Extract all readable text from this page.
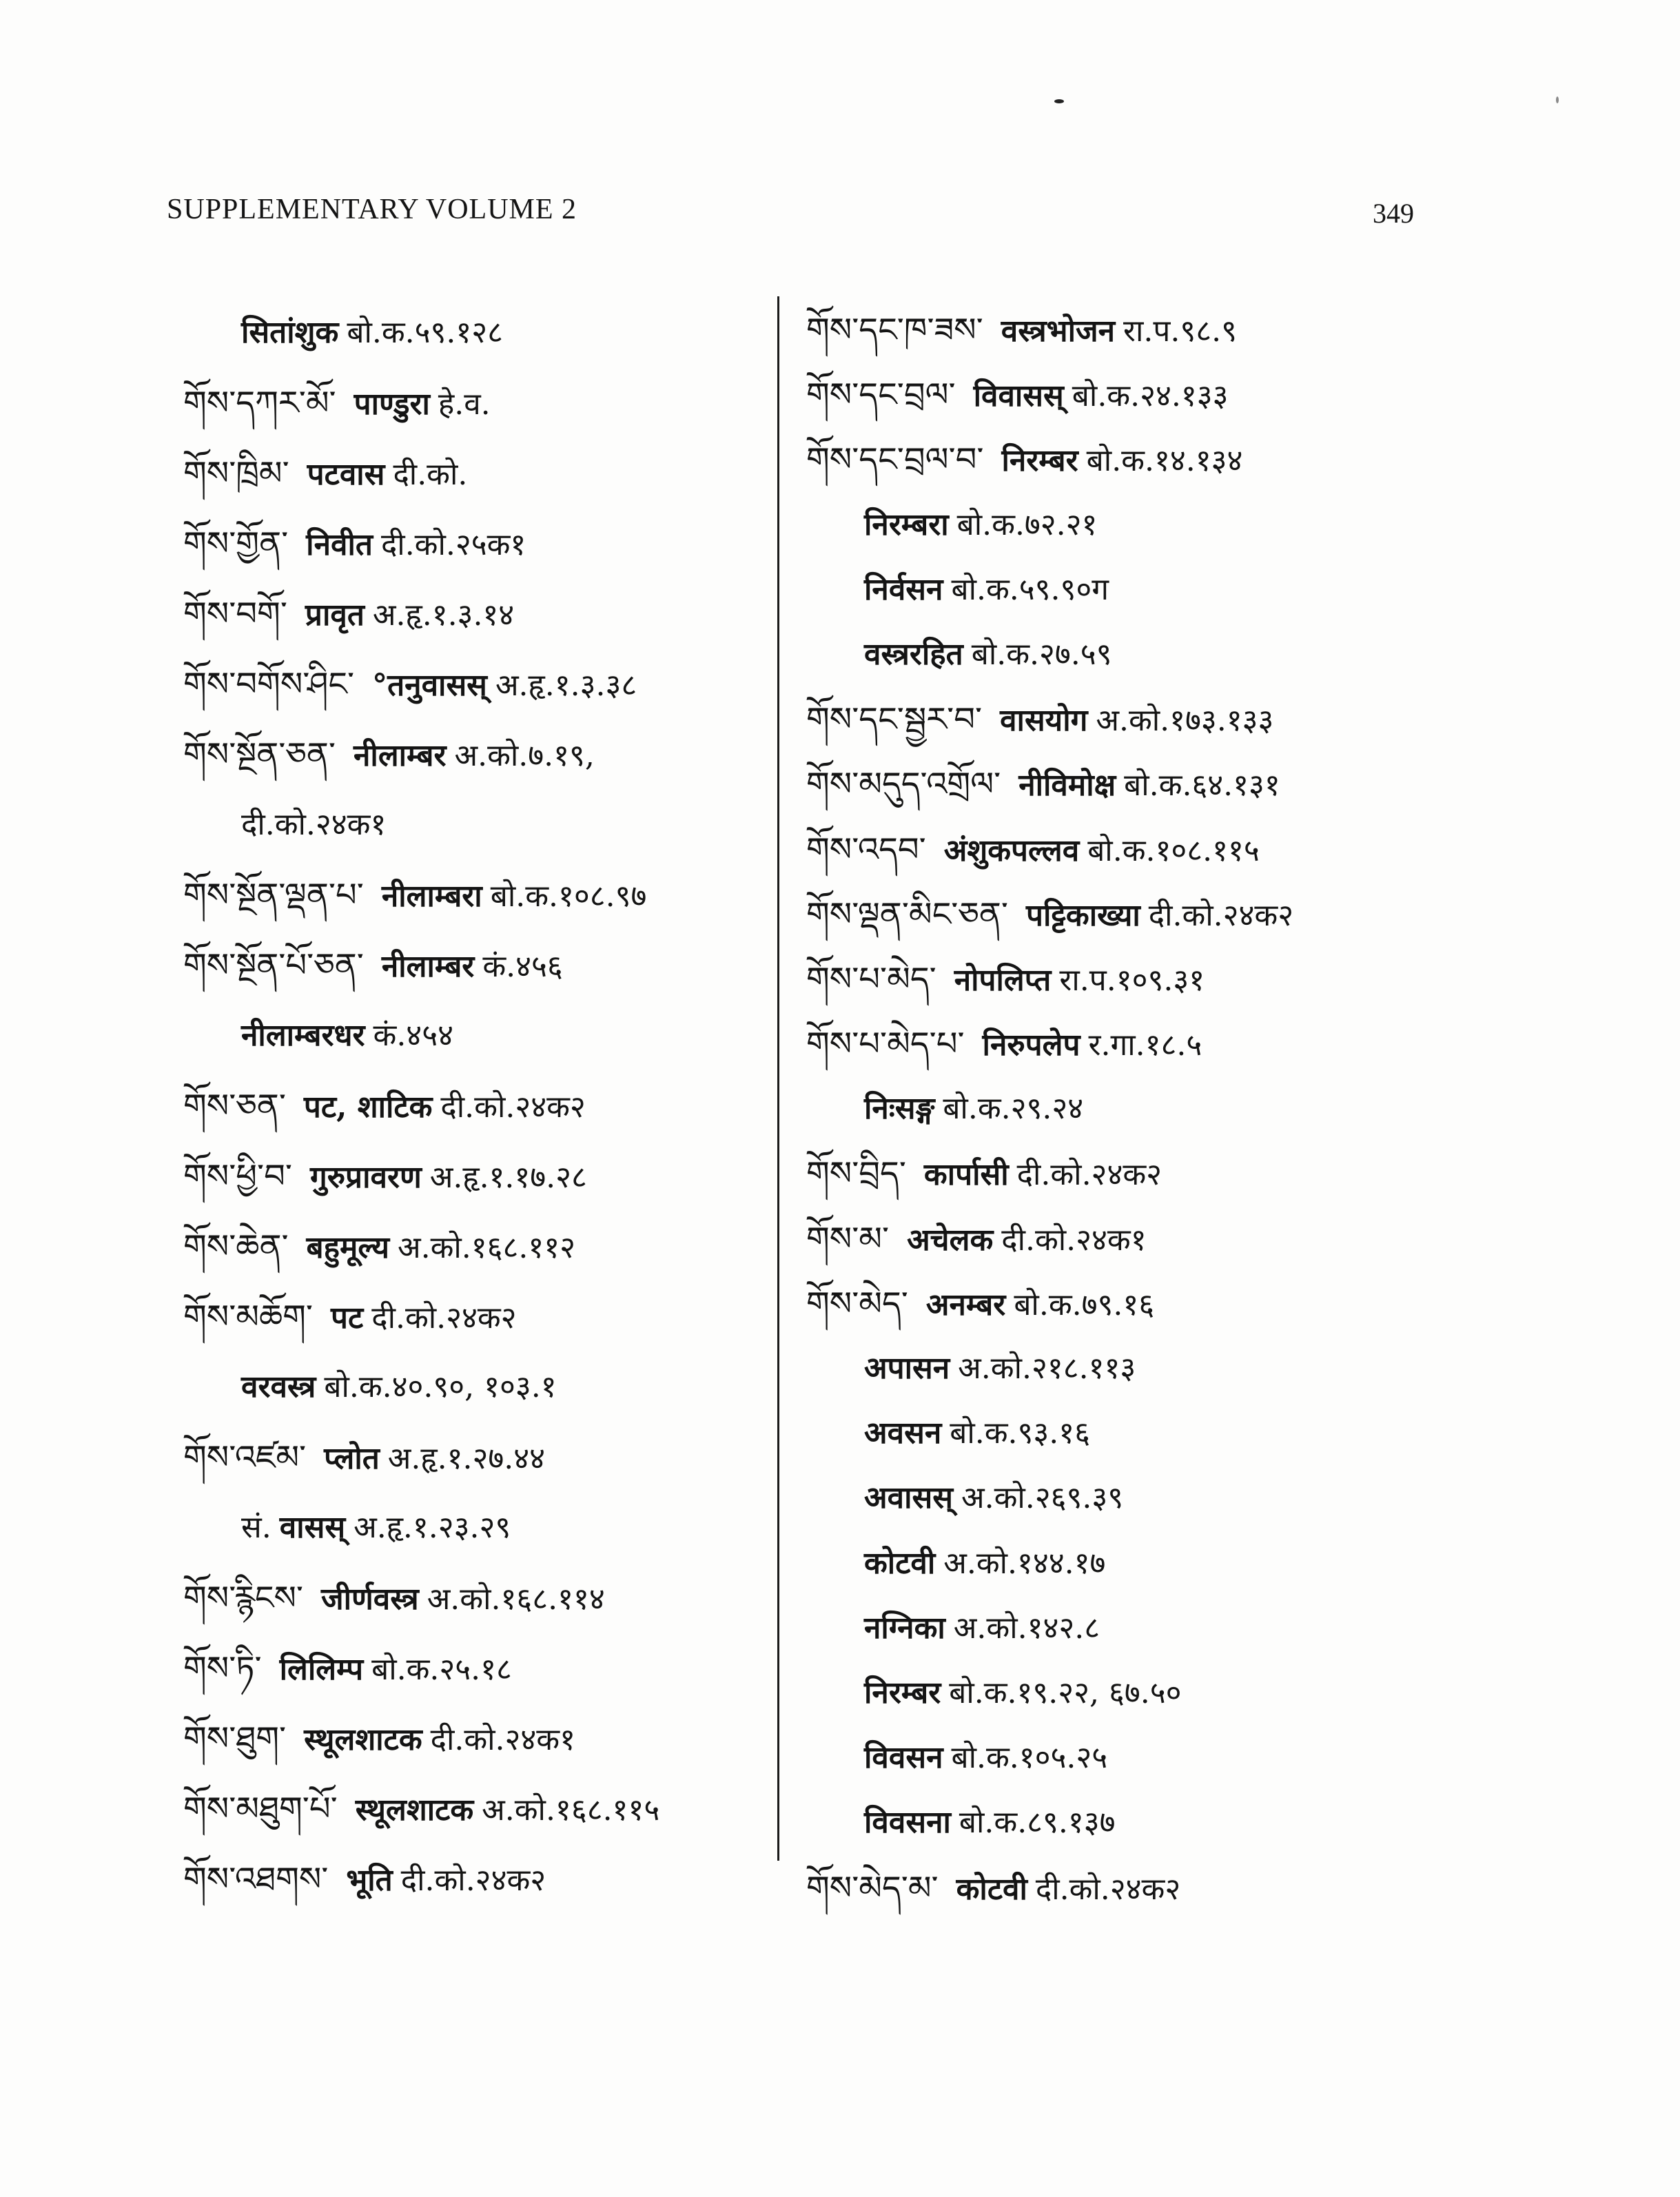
SUPPLEMENTARY VOLUME 2	349
सितांशुक बो.क.५९.१२८
གོས་དཀར་མོ་ पाण्डुरा हे.व.
གོས་ཁྲིམ་ पटवास दी.को.
གོས་གྱོན་ निवीत दी.को.२५क१
གོས་བགོ་ प्रावृत अ.हृ.१.३.१४
གོས་བགོས་ཤིང་ °तनुवासस् अ.हृ.१.३.३८
གོས་སྔོན་ཅན་ नीलाम्बर अ.को.७.१९,
दी.को.२४क१
གོས་སྔོན་ལྡན་པ་ नीलाम्बरा बो.क.१०८.९७
གོས་སྔོན་པོ་ཅན་ नीलाम्बर कं.४५६
नीलाम्बरधर कं.४५४
གོས་ཅན་ पट, शाटिक दी.को.२४क२
གོས་ཕྱི་བ་ गुरुप्रावरण अ.हृ.१.१७.२८
གོས་ཆེན་ बहुमूल्य अ.को.१६८.११२
གོས་མཆོག་ पट दी.को.२४क२
वरवस्त्र बो.क.४०.९०, १०३.१
གོས་འཛམ་ प्लोत अ.हृ.१.२७.४४
सं. वासस् अ.हृ.१.२३.२९
གོས་རྙིངས་ जीर्णवस्त्र अ.को.१६८.११४
གོས་ཏི་ लिलिम्प बो.क.२५.१८
གོས་ཐུག་ स्थूलशाटक दी.को.२४क१
གོས་མཐུག་པོ་ स्थूलशाटक अ.को.१६८.११५
གོས་འཐགས་ भूति दी.को.२४क२
གོས་དང་ཁ་ཟས་ वस्त्रभोजन रा.प.९८.९
གོས་དང་བྲལ་ विवासस् बो.क.२४.१३३
གོས་དང་བྲལ་བ་ निरम्बर बो.क.१४.१३४
निरम्बरा बो.क.७२.२१
निर्वसन बो.क.५९.९०ग
वस्त्ररहित बो.क.२७.५९
གོས་དང་སྦྱར་བ་ वासयोग अ.को.१७३.१३३
གོས་མདུད་འགྲོལ་ नीविमोक्ष बो.क.६४.१३१
གོས་འདབ་ अंशुकपल्लव बो.क.१०८.११५
གོས་ལྡན་མིང་ཅན་ पट्टिकाख्या दी.को.२४क२
གོས་པ་མེད་ नोपलिप्त रा.प.१०९.३१
གོས་པ་མེད་པ་ निरुपलेप र.गा.१८.५
निःसङ्ग बो.क.२९.२४
གོས་བྲིད་ कार्पासी दी.को.२४क२
གོས་མ་ अचेलक दी.को.२४क१
གོས་མེད་ अनम्बर बो.क.७९.१६
अपासन अ.को.२१८.११३
अवसन बो.क.९३.१६
अवासस् अ.को.२६९.३९
कोटवी अ.को.१४४.१७
नग्निका अ.को.१४२.८
निरम्बर बो.क.१९.२२, ६७.५०
विवसन बो.क.१०५.२५
विवसना बो.क.८९.१३७
གོས་མེད་མ་ कोटवी दी.को.२४क२
